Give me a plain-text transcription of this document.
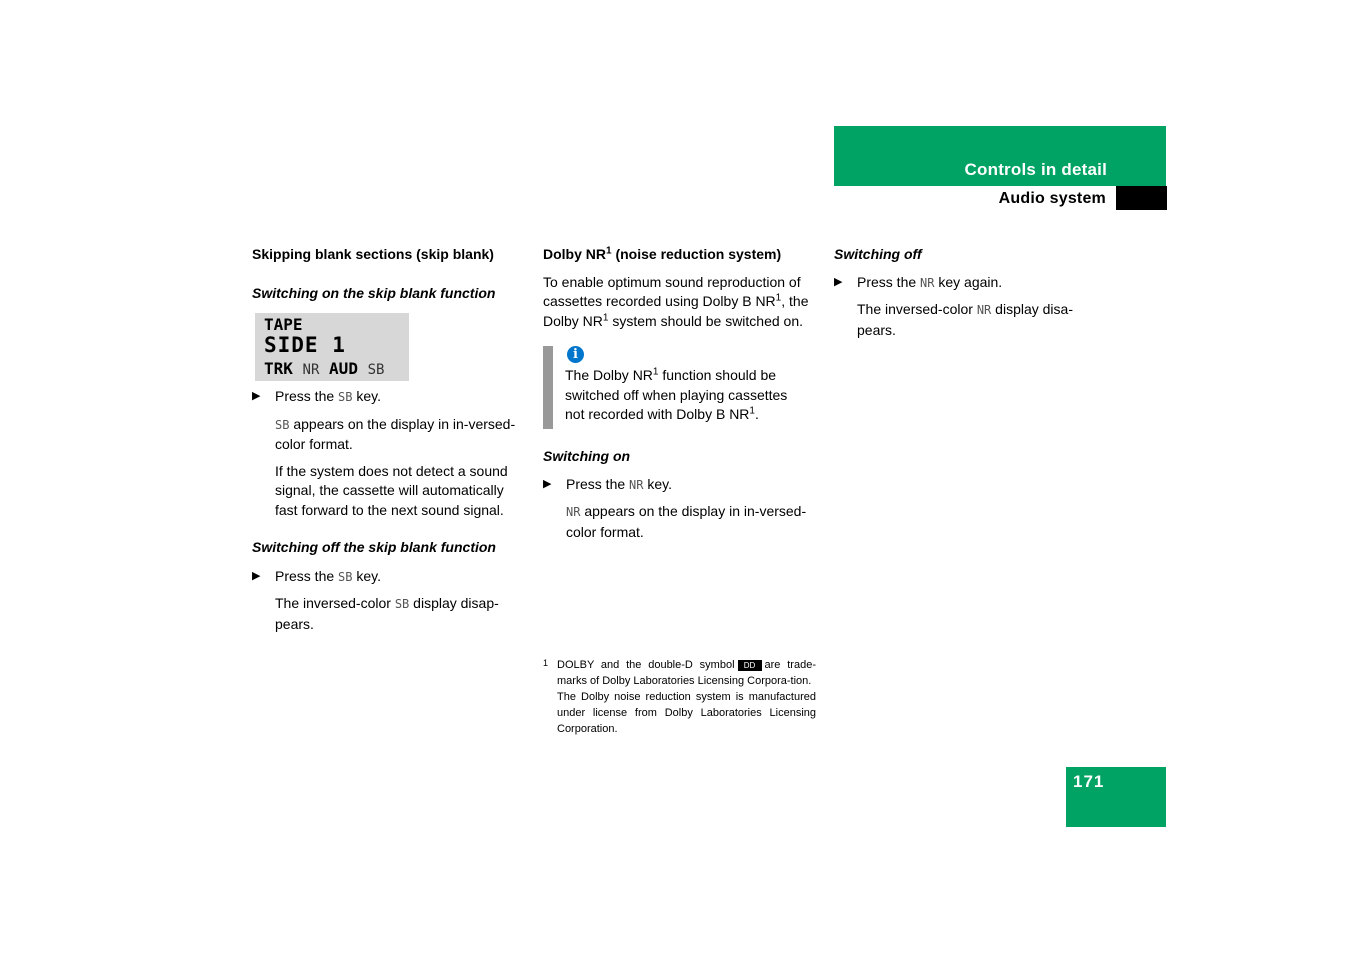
Controls in detail
Audio system

Skipping blank sections (skip blank)

Switching on the skip blank function

TAPE
SIDE 1
TRK NR AUD SB

▶ Press the SB key.

SB appears on the display in in-versed-color format.

If the system does not detect a sound signal, the cassette will automatically fast forward to the next sound signal.

Switching off the skip blank function

▶ Press the SB key.

The inversed-color SB display disap-pears.

Dolby $NR^1$ (noise reduction system)

To enable optimum sound reproduction of cassettes recorded using Dolby B $NR^1$, the Dolby $NR^1$ system should be switched on.

i
The Dolby $NR^1$ function should be switched off when playing cassettes not recorded with Dolby B $NR^1$.

Switching on

▶ Press the NR key.

NR appears on the display in in-versed-color format.

1 DOLBY and the double-D symbol DD are trade-marks of Dolby Laboratories Licensing Corpora-tion.
The Dolby noise reduction system is manufactured under license from Dolby Laboratories Licensing Corporation.

Switching off

▶ Press the NR key again.

The inversed-color NR display disa-pears.

171
